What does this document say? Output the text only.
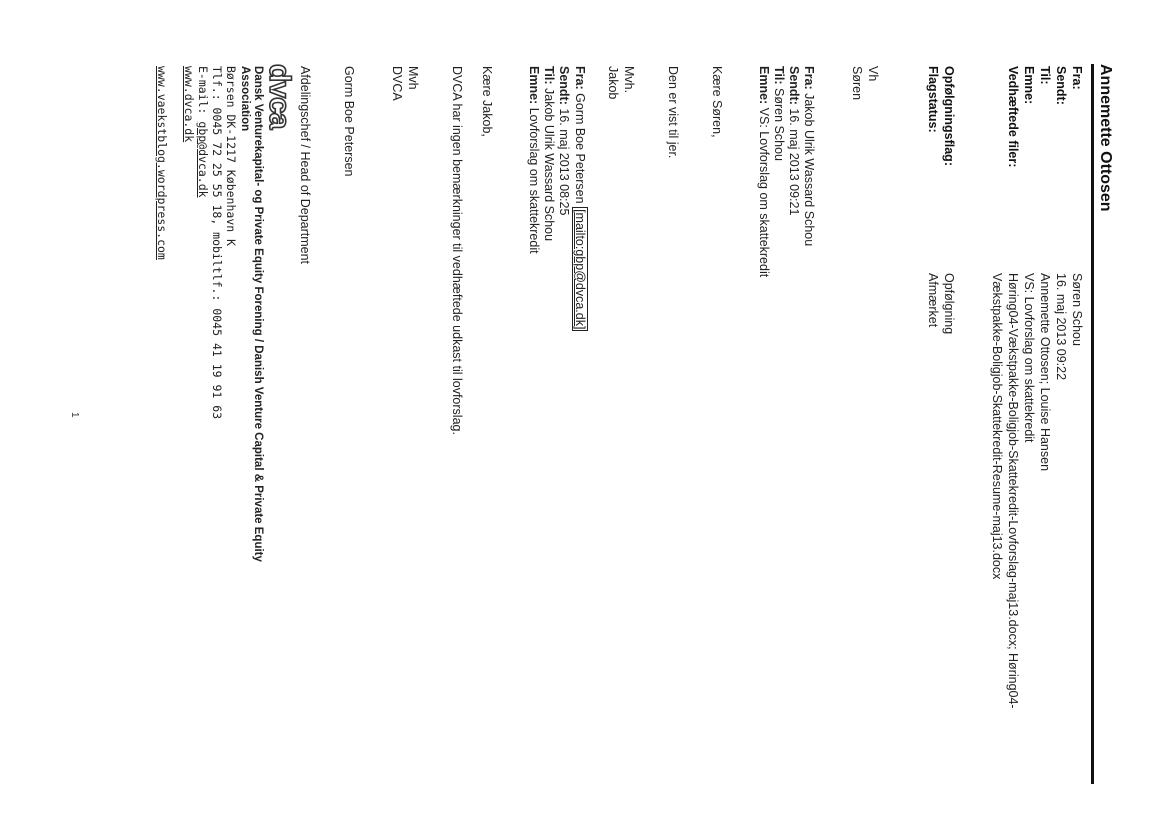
Annemette Ottosen
Fra:
Søren Schou
Sendt:
16. maj 2013 09:22
Til:
Annemette Ottosen; Louise Hansen
Emne:
VS: Lovforslag om skattekredit
Vedhæftede filer:
Høring04-Vækstpakke-Boligjob-Skattekredit-Lovforslag-maj13.docx; Høring04-
Vækstpakke-Boligjob-Skattekredit-Resume-maj13.docx
Opfølgningsflag:
Opfølgning
Flagstatus:
Afmærket
Vh
Søren
Fra: Jakob Ulrik Wassard Schou
Sendt: 16. maj 2013 09:21
Til: Søren Schou
Emne: VS: Lovforslag om skattekredit
Kære Søren,
Den er vist til jer.
Mvh.
Jakob
Fra: Gorm Boe Petersen [mailto:gbp@dvca.dk]
Sendt: 16. maj 2013 08:25
Til: Jakob Ulrik Wassard Schou
Emne: Lovforslag om skattekredit
Kære Jakob,
DVCA har ingen bemærkninger til vedhæftede udkast til lovforslag.
Mvh
DVCA
Gorm Boe Petersen
Afdelingschef / Head of Department
dvca
Dansk Venturekapital- og Private Equity Forening / Danish Venture Capital & Private Equity
Association
Børsen DK-1217 København K
Tlf.: 0045 72 25 55 18, mobiltlf.: 0045 41 19 91 63
E-mail: gbp@dvca.dk
www.dvca.dk
www.vaekstblog.wordpress.com
1
